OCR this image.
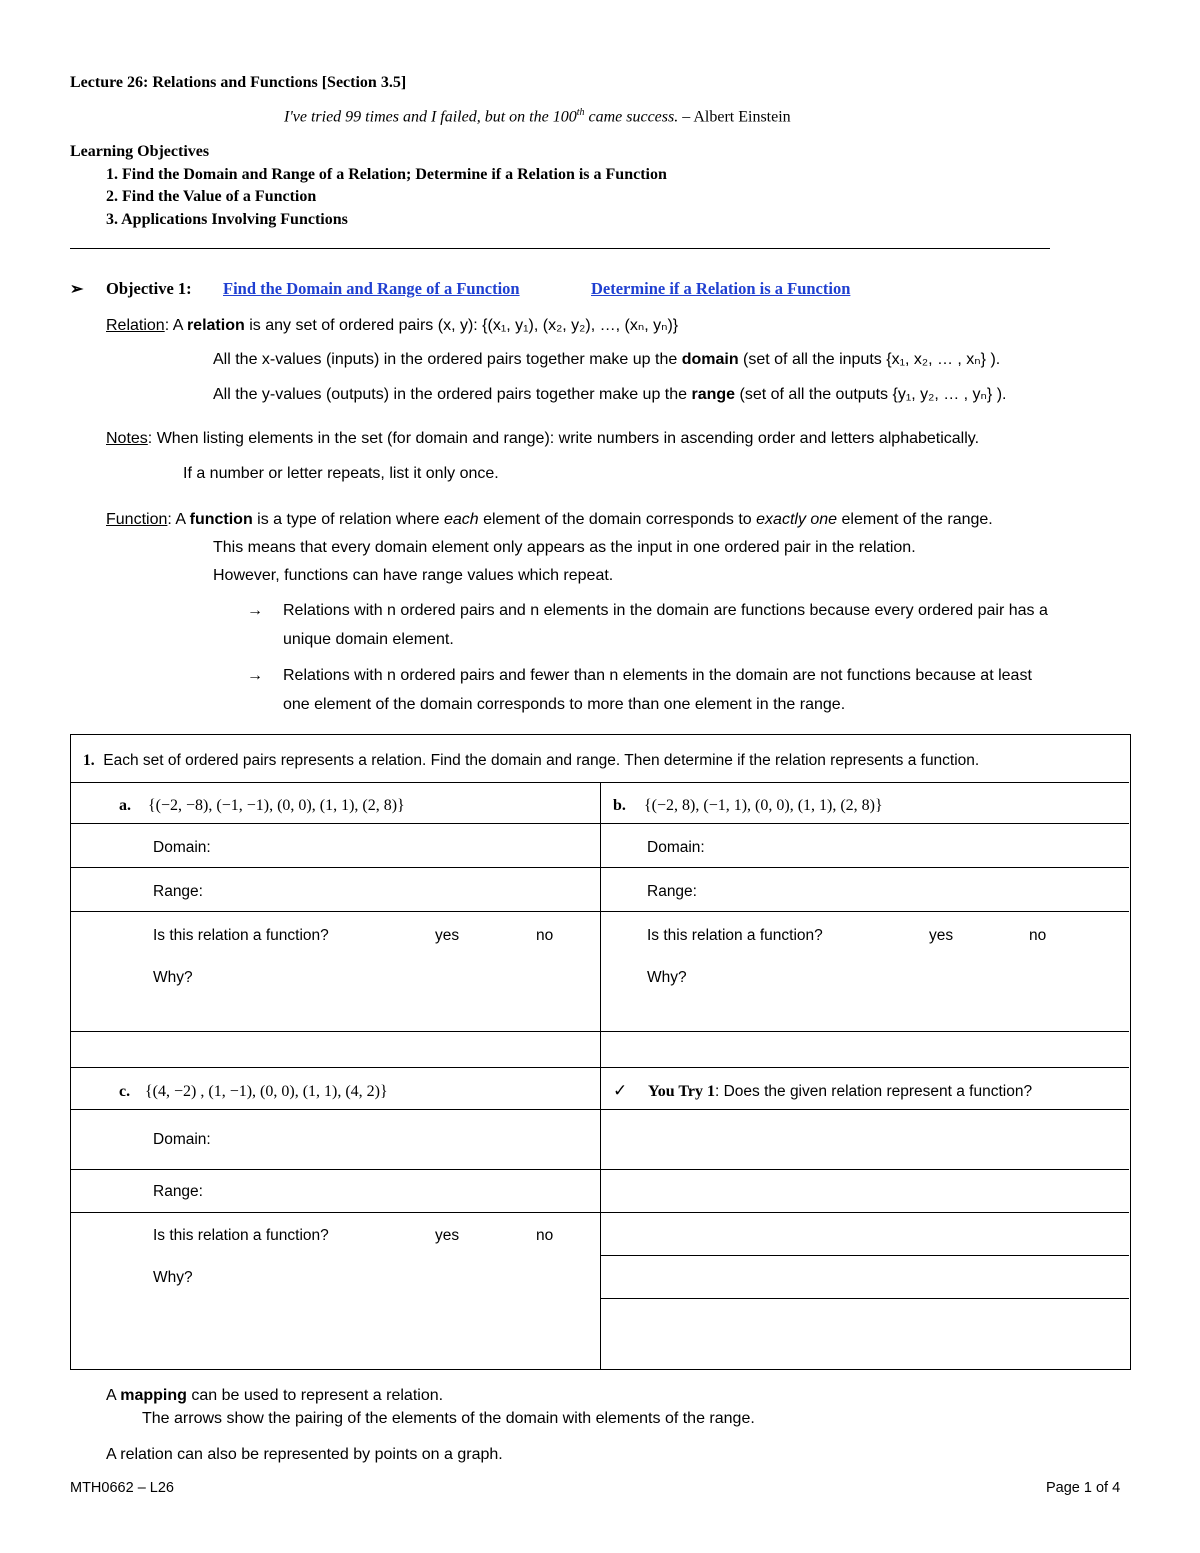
Lecture 26: Relations and Functions [Section 3.5]
I've tried 99 times and I failed, but on the 100th came success. – Albert Einstein
Learning Objectives
1. Find the Domain and Range of a Relation; Determine if a Relation is a Function
2. Find the Value of a Function
3. Applications Involving Functions
➢ Objective 1: Find the Domain and Range of a Function	Determine if a Relation is a Function
Relation: A relation is any set of ordered pairs (x, y): {(x₁, y₁), (x₂, y₂), …, (xₙ, yₙ)}
All the x-values (inputs) in the ordered pairs together make up the domain (set of all the inputs {x₁, x₂, … , xₙ} ).
All the y-values (outputs) in the ordered pairs together make up the range (set of all the outputs {y₁, y₂, … , yₙ} ).
Notes: When listing elements in the set (for domain and range): write numbers in ascending order and letters alphabetically.
If a number or letter repeats, list it only once.
Function: A function is a type of relation where each element of the domain corresponds to exactly one element of the range.
This means that every domain element only appears as the input in one ordered pair in the relation.
However, functions can have range values which repeat.
→ Relations with n ordered pairs and n elements in the domain are functions because every ordered pair has a
unique domain element.
→ Relations with n ordered pairs and fewer than n elements in the domain are not functions because at least
one element of the domain corresponds to more than one element in the range.
1. Each set of ordered pairs represents a relation. Find the domain and range. Then determine if the relation represents a function.
a. {(−2, −8), (−1, −1), (0, 0), (1, 1), (2, 8)}
Domain:
Range:
Is this relation a function?	yes	no
Why?
b. {(−2, 8), (−1, 1), (0, 0), (1, 1), (2, 8)}
Domain:
Range:
Is this relation a function?	yes	no
Why?
c. {(4, −2) , (1, −1), (0, 0), (1, 1), (4, 2)}
Domain:
Range:
Is this relation a function?	yes	no
Why?
✓ You Try 1: Does the given relation represent a function?
A mapping can be used to represent a relation.
The arrows show the pairing of the elements of the domain with elements of the range.
A relation can also be represented by points on a graph.
MTH0662 – L26	Page 1 of 4
